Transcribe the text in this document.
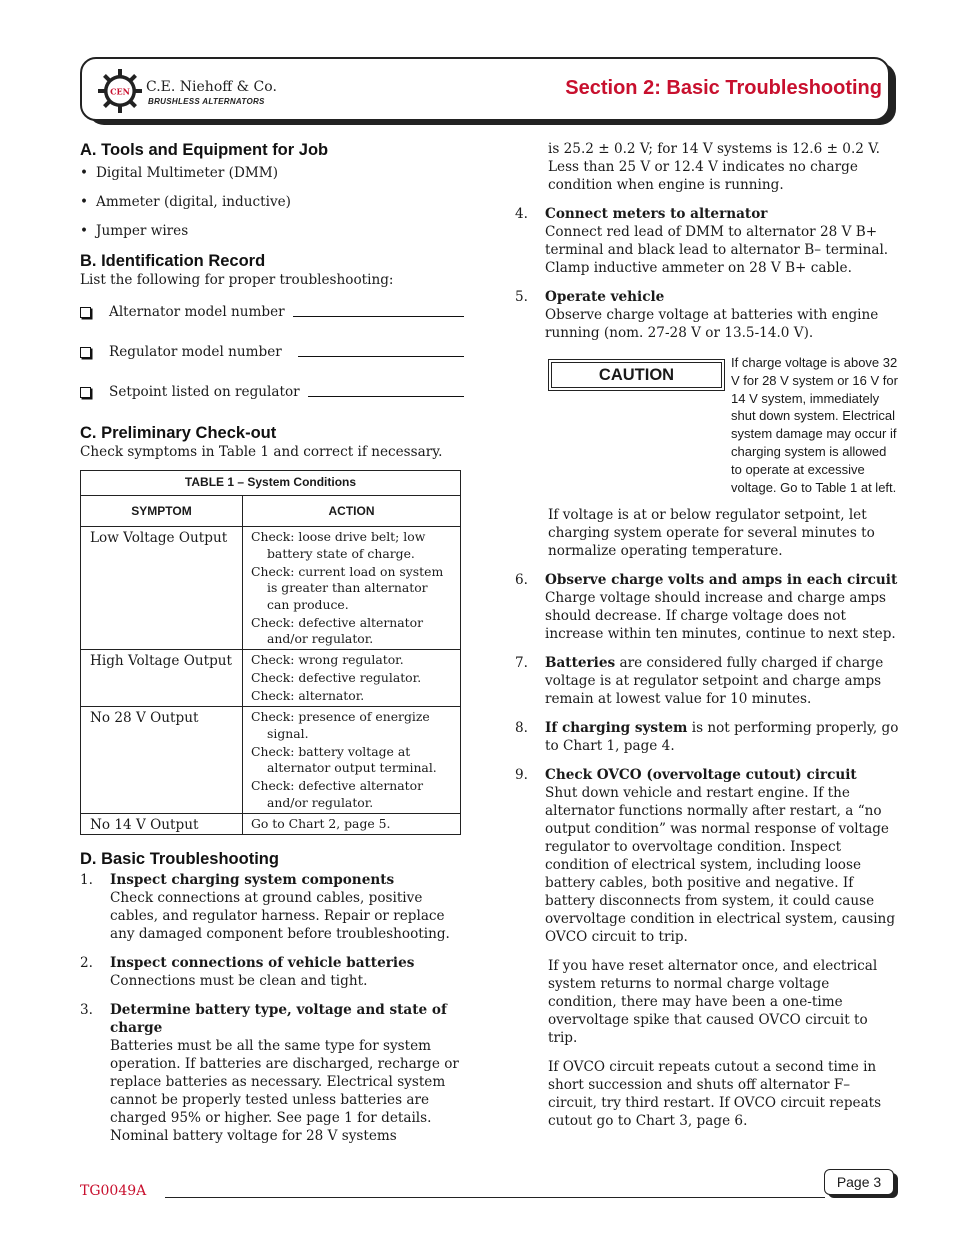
CEN C.E. Niehoff & Co.
BRUSHLESS ALTERNATORS
Section 2: Basic Troubleshooting
A. Tools and Equipment for Job
• Digital Multimeter (DMM)
• Ammeter (digital, inductive)
• Jumper wires
B. Identification Record

List the following for proper troubleshooting:

Alternator model number
Regulator model number
Setpoint listed on regulator
C. Preliminary Check-out

Check symptoms in Table 1 and correct if necessary.

TABLE 1 – System Conditions	
SYMPTOM	ACTION
Low Voltage Output	Check: loose drive belt; low battery state of charge.
Check: current load on system is greater than alternator can produce.
Check: defective alternator and/or regulator.

High Voltage Output	Check: wrong regulator.
Check: defective regulator.
Check: alternator.

No 28 V Output	Check: presence of energize signal.
Check: battery voltage at alternator output terminal.
Check: defective alternator and/or regulator.

No 14 V Output	Go to Chart 2, page 5.
D. Basic Troubleshooting
1. Inspect charging system components

Check connections at ground cables, positive cables, and regulator harness. Repair or replace any damaged component before troubleshooting.

2. Inspect connections of vehicle batteries

Connections must be clean and tight.

3. Determine battery type, voltage and state of charge

Batteries must be all the same type for system operation. If batteries are discharged, recharge or replace batteries as necessary. Electrical system cannot be properly tested unless batteries are charged 95% or higher. See page 1 for details. Nominal battery voltage for 28 V systems

is 25.2 ± 0.2 V; for 14 V systems is 12.6 ± 0.2 V. Less than 25 V or 12.4 V indicates no charge condition when engine is running.

4. Connect meters to alternator

Connect red lead of DMM to alternator 28 V B+ terminal and black lead to alternator B– terminal. Clamp inductive ammeter on 28 V B+ cable.

5. Operate vehicle

Observe charge voltage at batteries with engine running (nom. 27-28 V or 13.5-14.0 V).

CAUTION
If charge voltage is above 32 V for 28 V system or 16 V for 14 V system, immediately shut down system. Electrical system damage may occur if charging system is allowed to operate at excessive voltage. Go to Table 1 at left.

If voltage is at or below regulator setpoint, let charging system operate for several minutes to normalize operating temperature.

6. Observe charge volts and amps in each circuit

Charge voltage should increase and charge amps should decrease. If charge voltage does not increase within ten minutes, continue to next step.

7. Batteries are considered fully charged if charge voltage is at regulator setpoint and charge amps remain at lowest value for 10 minutes.

8. If charging system is not performing properly, go to Chart 1, page 4.

9. Check OVCO (overvoltage cutout) circuit

Shut down vehicle and restart engine. If the alternator functions normally after restart, a “no output condition” was normal response of voltage regulator to overvoltage condition. Inspect condition of electrical system, including loose battery cables, both positive and negative. If battery disconnects from system, it could cause overvoltage condition in electrical system, causing OVCO circuit to trip.

If you have reset alternator once, and electrical system returns to normal charge voltage condition, there may have been a one-time overvoltage spike that caused OVCO circuit to trip.

If OVCO circuit repeats cutout a second time in short succession and shuts off alternator F– circuit, try third restart. If OVCO circuit repeats cutout go to Chart 3, page 6.

TG0049A
Page 3
